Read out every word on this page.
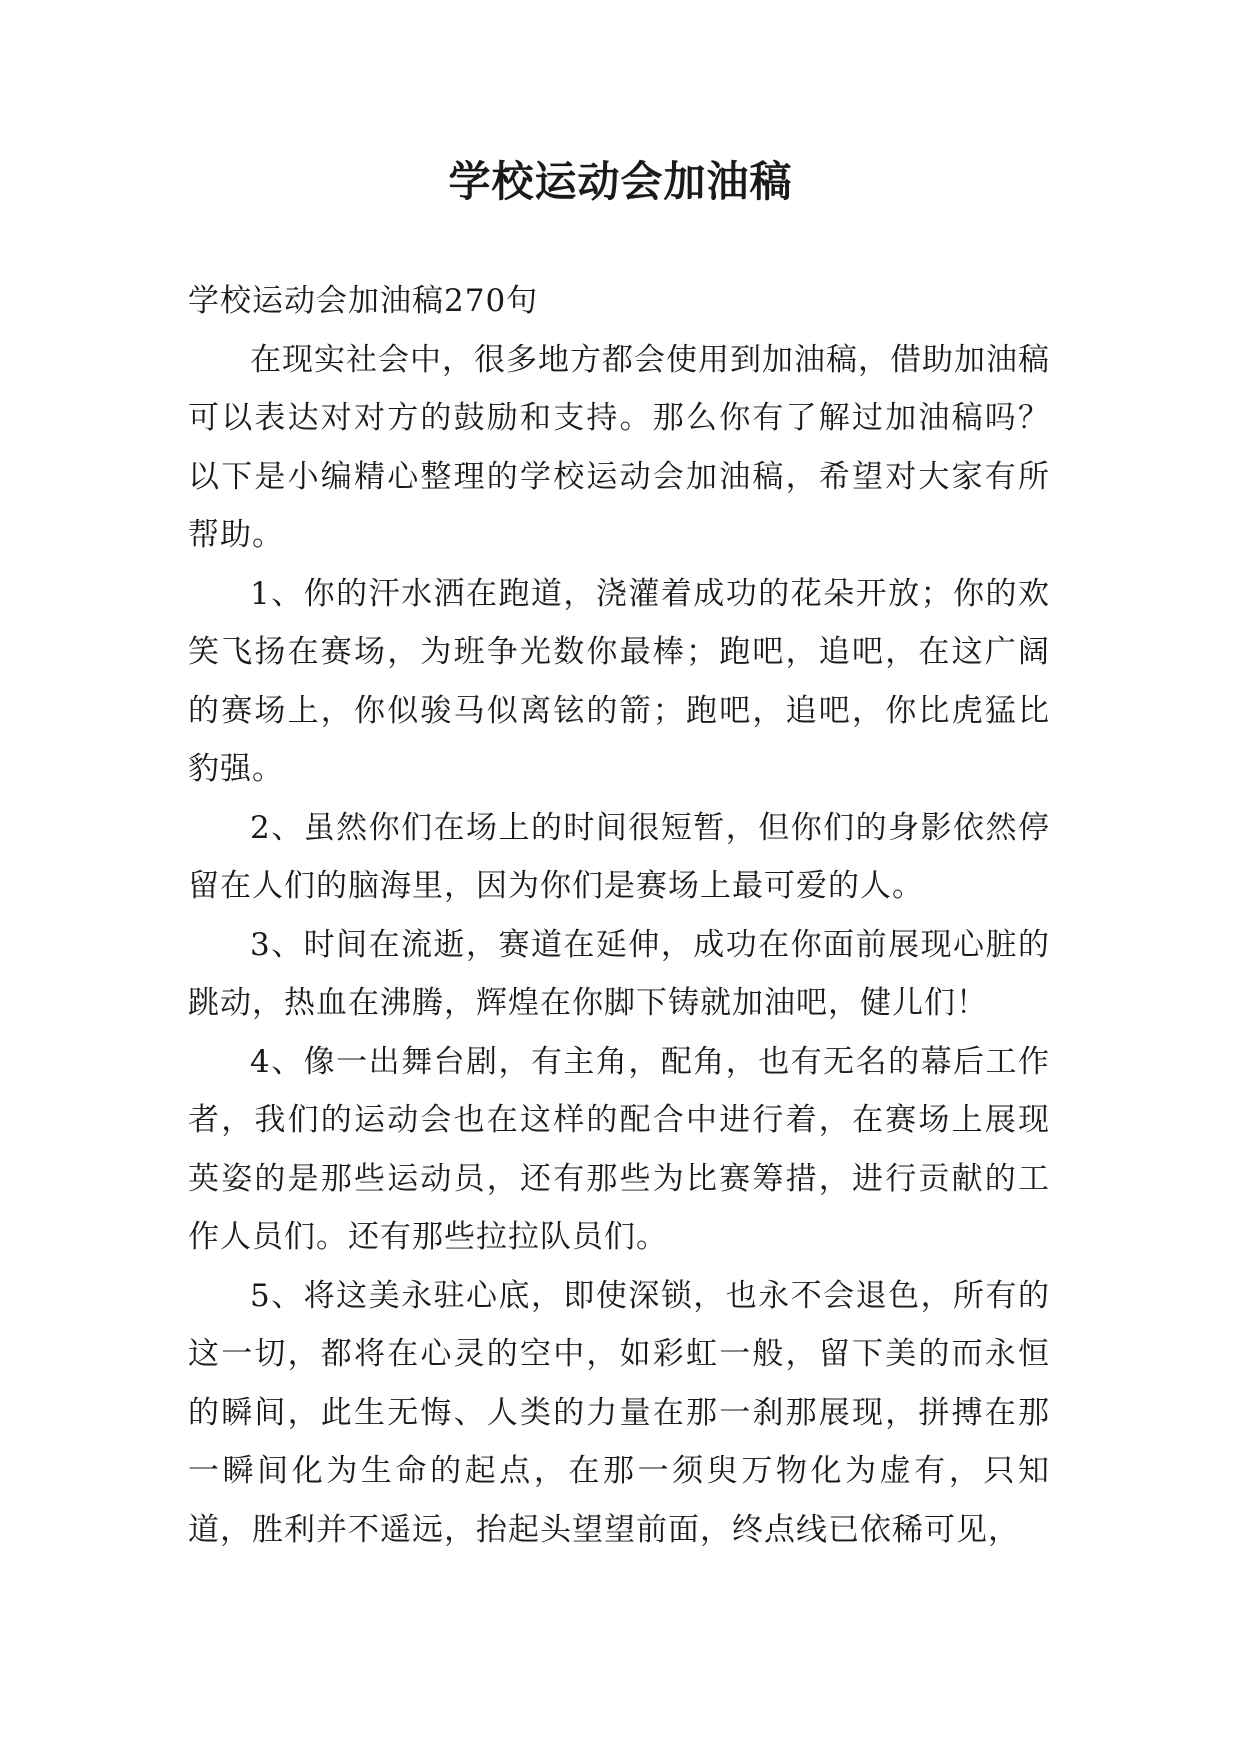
学校运动会加油稿

学校运动会加油稿270句

在现实社会中，很多地方都会使用到加油稿，借助加油稿可以表达对对方的鼓励和支持。那么你有了解过加油稿吗？以下是小编精心整理的学校运动会加油稿，希望对大家有所帮助。

1、你的汗水洒在跑道，浇灌着成功的花朵开放；你的欢笑飞扬在赛场，为班争光数你最棒；跑吧，追吧，在这广阔的赛场上，你似骏马似离铉的箭；跑吧，追吧，你比虎猛比豹强。

2、虽然你们在场上的时间很短暂，但你们的身影依然停留在人们的脑海里，因为你们是赛场上最可爱的人。

3、时间在流逝，赛道在延伸，成功在你面前展现心脏的跳动，热血在沸腾，辉煌在你脚下铸就加油吧，健儿们！

4、像一出舞台剧，有主角，配角，也有无名的幕后工作者，我们的运动会也在这样的配合中进行着，在赛场上展现英姿的是那些运动员，还有那些为比赛筹措，进行贡献的工作人员们。还有那些拉拉队员们。

5、将这美永驻心底，即使深锁，也永不会退色，所有的这一切，都将在心灵的空中，如彩虹一般，留下美的而永恒的瞬间，此生无悔、人类的力量在那一刹那展现，拼搏在那一瞬间化为生命的起点，在那一须臾万物化为虚有，只知道，胜利并不遥远，抬起头望望前面，终点线已依稀可见，
